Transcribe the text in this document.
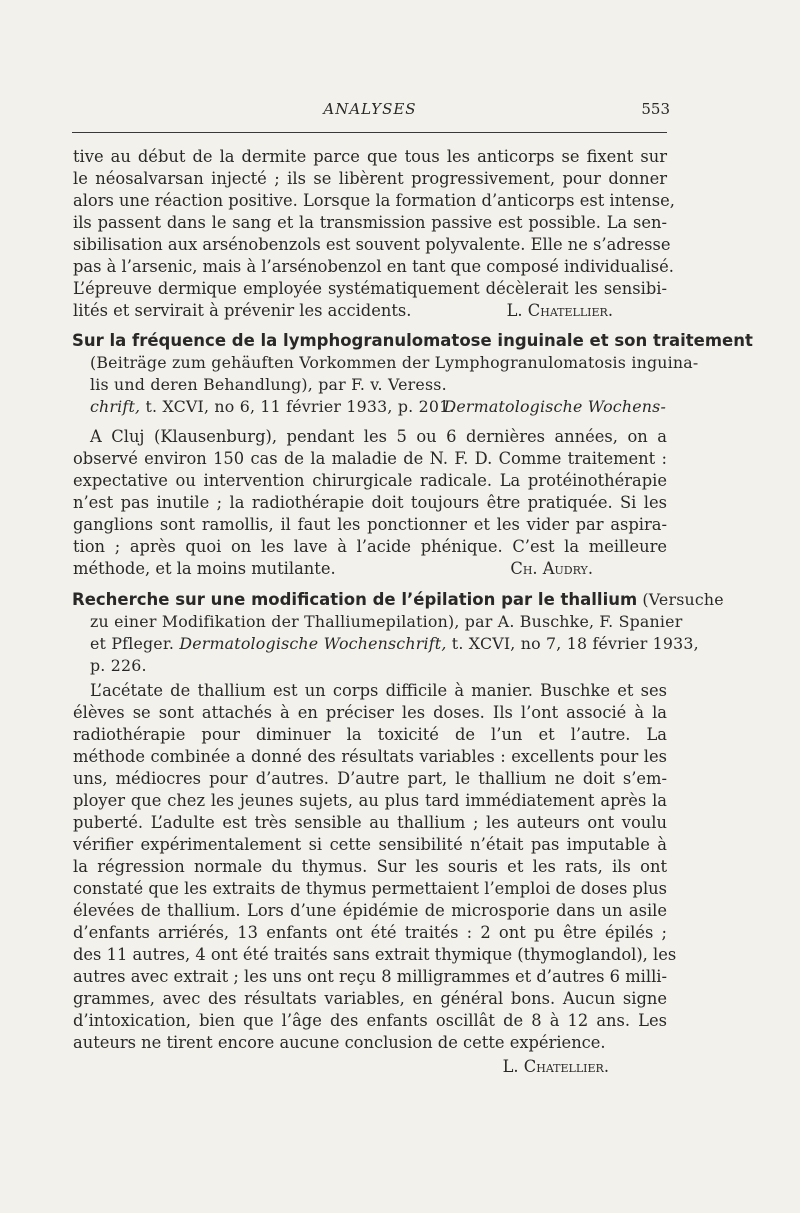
ANALYSES	553
tive au début de la dermite parce que tous les anticorps se fixent sur
le néosalvarsan injecté ; ils se libèrent progressivement, pour donner
alors une réaction positive. Lorsque la formation d’anticorps est intense,
ils passent dans le sang et la transmission passive est possible. La sen-
sibilisation aux arsénobenzols est souvent polyvalente. Elle ne s’adresse
pas à l’arsenic, mais à l’arsénobenzol en tant que composé individualisé.
L’épreuve dermique employée systématiquement décèlerait les sensibi-
lités et servirait à prévenir les accidents.	L. Chatellier.
Sur la fréquence de la lymphogranulomatose inguinale et son traitement
(Beiträge zum gehäuften Vorkommen der Lymphogranulomatosis inguina-
lis und deren Behandlung), par F. v. Veress.
Dermatologische Wochens-
chrift, t. XCVI, no 6, 11 février 1933, p. 201.
A Cluj (Klausenburg), pendant les 5 ou 6 dernières années, on a
observé environ 150 cas de la maladie de N. F. D. Comme traitement :
expectative ou intervention chirurgicale radicale. La protéinothérapie
n’est pas inutile ; la radiothérapie doit toujours être pratiquée. Si les
ganglions sont ramollis, il faut les ponctionner et les vider par aspira-
tion ; après quoi on les lave à l’acide phénique. C’est la meilleure
méthode, et la moins mutilante.	Ch. Audry.
Recherche sur une modification de l’épilation par le thallium (Versuche
zu einer Modifikation der Thalliumepilation), par A. Buschke, F. Spanier
et Pfleger. Dermatologische Wochenschrift, t. XCVI, no 7, 18 février 1933,
p. 226.
L’acétate de thallium est un corps difficile à manier. Buschke et ses
élèves se sont attachés à en préciser les doses. Ils l’ont associé à la
radiothérapie pour diminuer la toxicité de l’un et l’autre. La
méthode combinée a donné des résultats variables : excellents pour les
uns, médiocres pour d’autres. D’autre part, le thallium ne doit s’em-
ployer que chez les jeunes sujets, au plus tard immédiatement après la
puberté. L’adulte est très sensible au thallium ; les auteurs ont voulu
vérifier expérimentalement si cette sensibilité n’était pas imputable à
la régression normale du thymus. Sur les souris et les rats, ils ont
constaté que les extraits de thymus permettaient l’emploi de doses plus
élevées de thallium. Lors d’une épidémie de microsporie dans un asile
d’enfants arriérés, 13 enfants ont été traités : 2 ont pu être épilés ;
des 11 autres, 4 ont été traités sans extrait thymique (thymoglandol), les
autres avec extrait ; les uns ont reçu 8 milligrammes et d’autres 6 milli-
grammes, avec des résultats variables, en général bons. Aucun signe
d’intoxication, bien que l’âge des enfants oscillât de 8 à 12 ans. Les
auteurs ne tirent encore aucune conclusion de cette expérience.
L. Chatellier.
